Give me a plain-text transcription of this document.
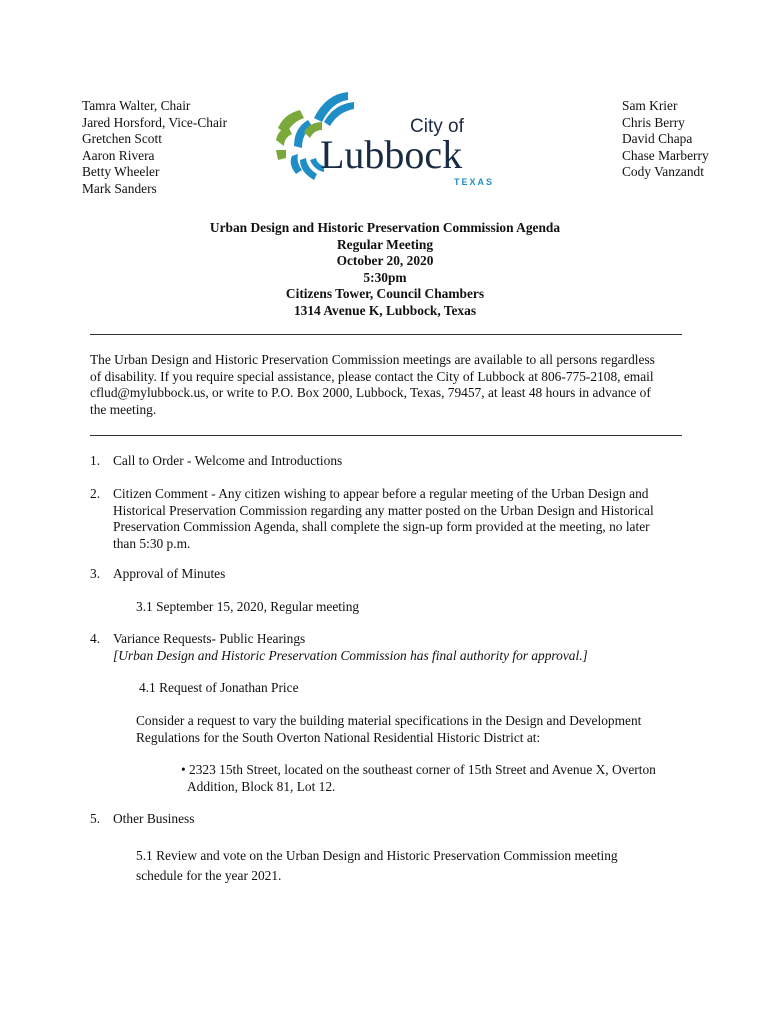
Tamra Walter, Chair
Jared Horsford, Vice-Chair
Gretchen Scott
Aaron Rivera
Betty Wheeler
Mark Sanders
Sam Krier
Chris Berry
David Chapa
Chase Marberry
Cody Vanzandt
City of
Lubbock
TEXAS
Urban Design and Historic Preservation Commission Agenda
Regular Meeting
October 20, 2020
5:30pm
Citizens Tower, Council Chambers
1314 Avenue K, Lubbock, Texas
The Urban Design and Historic Preservation Commission meetings are available to all persons regardless
of disability. If you require special assistance, please contact the City of Lubbock at 806-775-2108, email
cflud@mylubbock.us, or write to P.O. Box 2000, Lubbock, Texas, 79457, at least 48 hours in advance of
the meeting.
1. Call to Order - Welcome and Introductions
2. Citizen Comment - Any citizen wishing to appear before a regular meeting of the Urban Design and
Historical Preservation Commission regarding any matter posted on the Urban Design and Historical
Preservation Commission Agenda, shall complete the sign-up form provided at the meeting, no later
than 5:30 p.m.
3. Approval of Minutes
3.1 September 15, 2020, Regular meeting
4. Variance Requests- Public Hearings
[Urban Design and Historic Preservation Commission has final authority for approval.]
4.1 Request of Jonathan Price
Consider a request to vary the building material specifications in the Design and Development
Regulations for the South Overton National Residential Historic District at:
• 2323 15th Street, located on the southeast corner of 15th Street and Avenue X, Overton
Addition, Block 81, Lot 12.
5. Other Business
5.1 Review and vote on the Urban Design and Historic Preservation Commission meeting
schedule for the year 2021.
